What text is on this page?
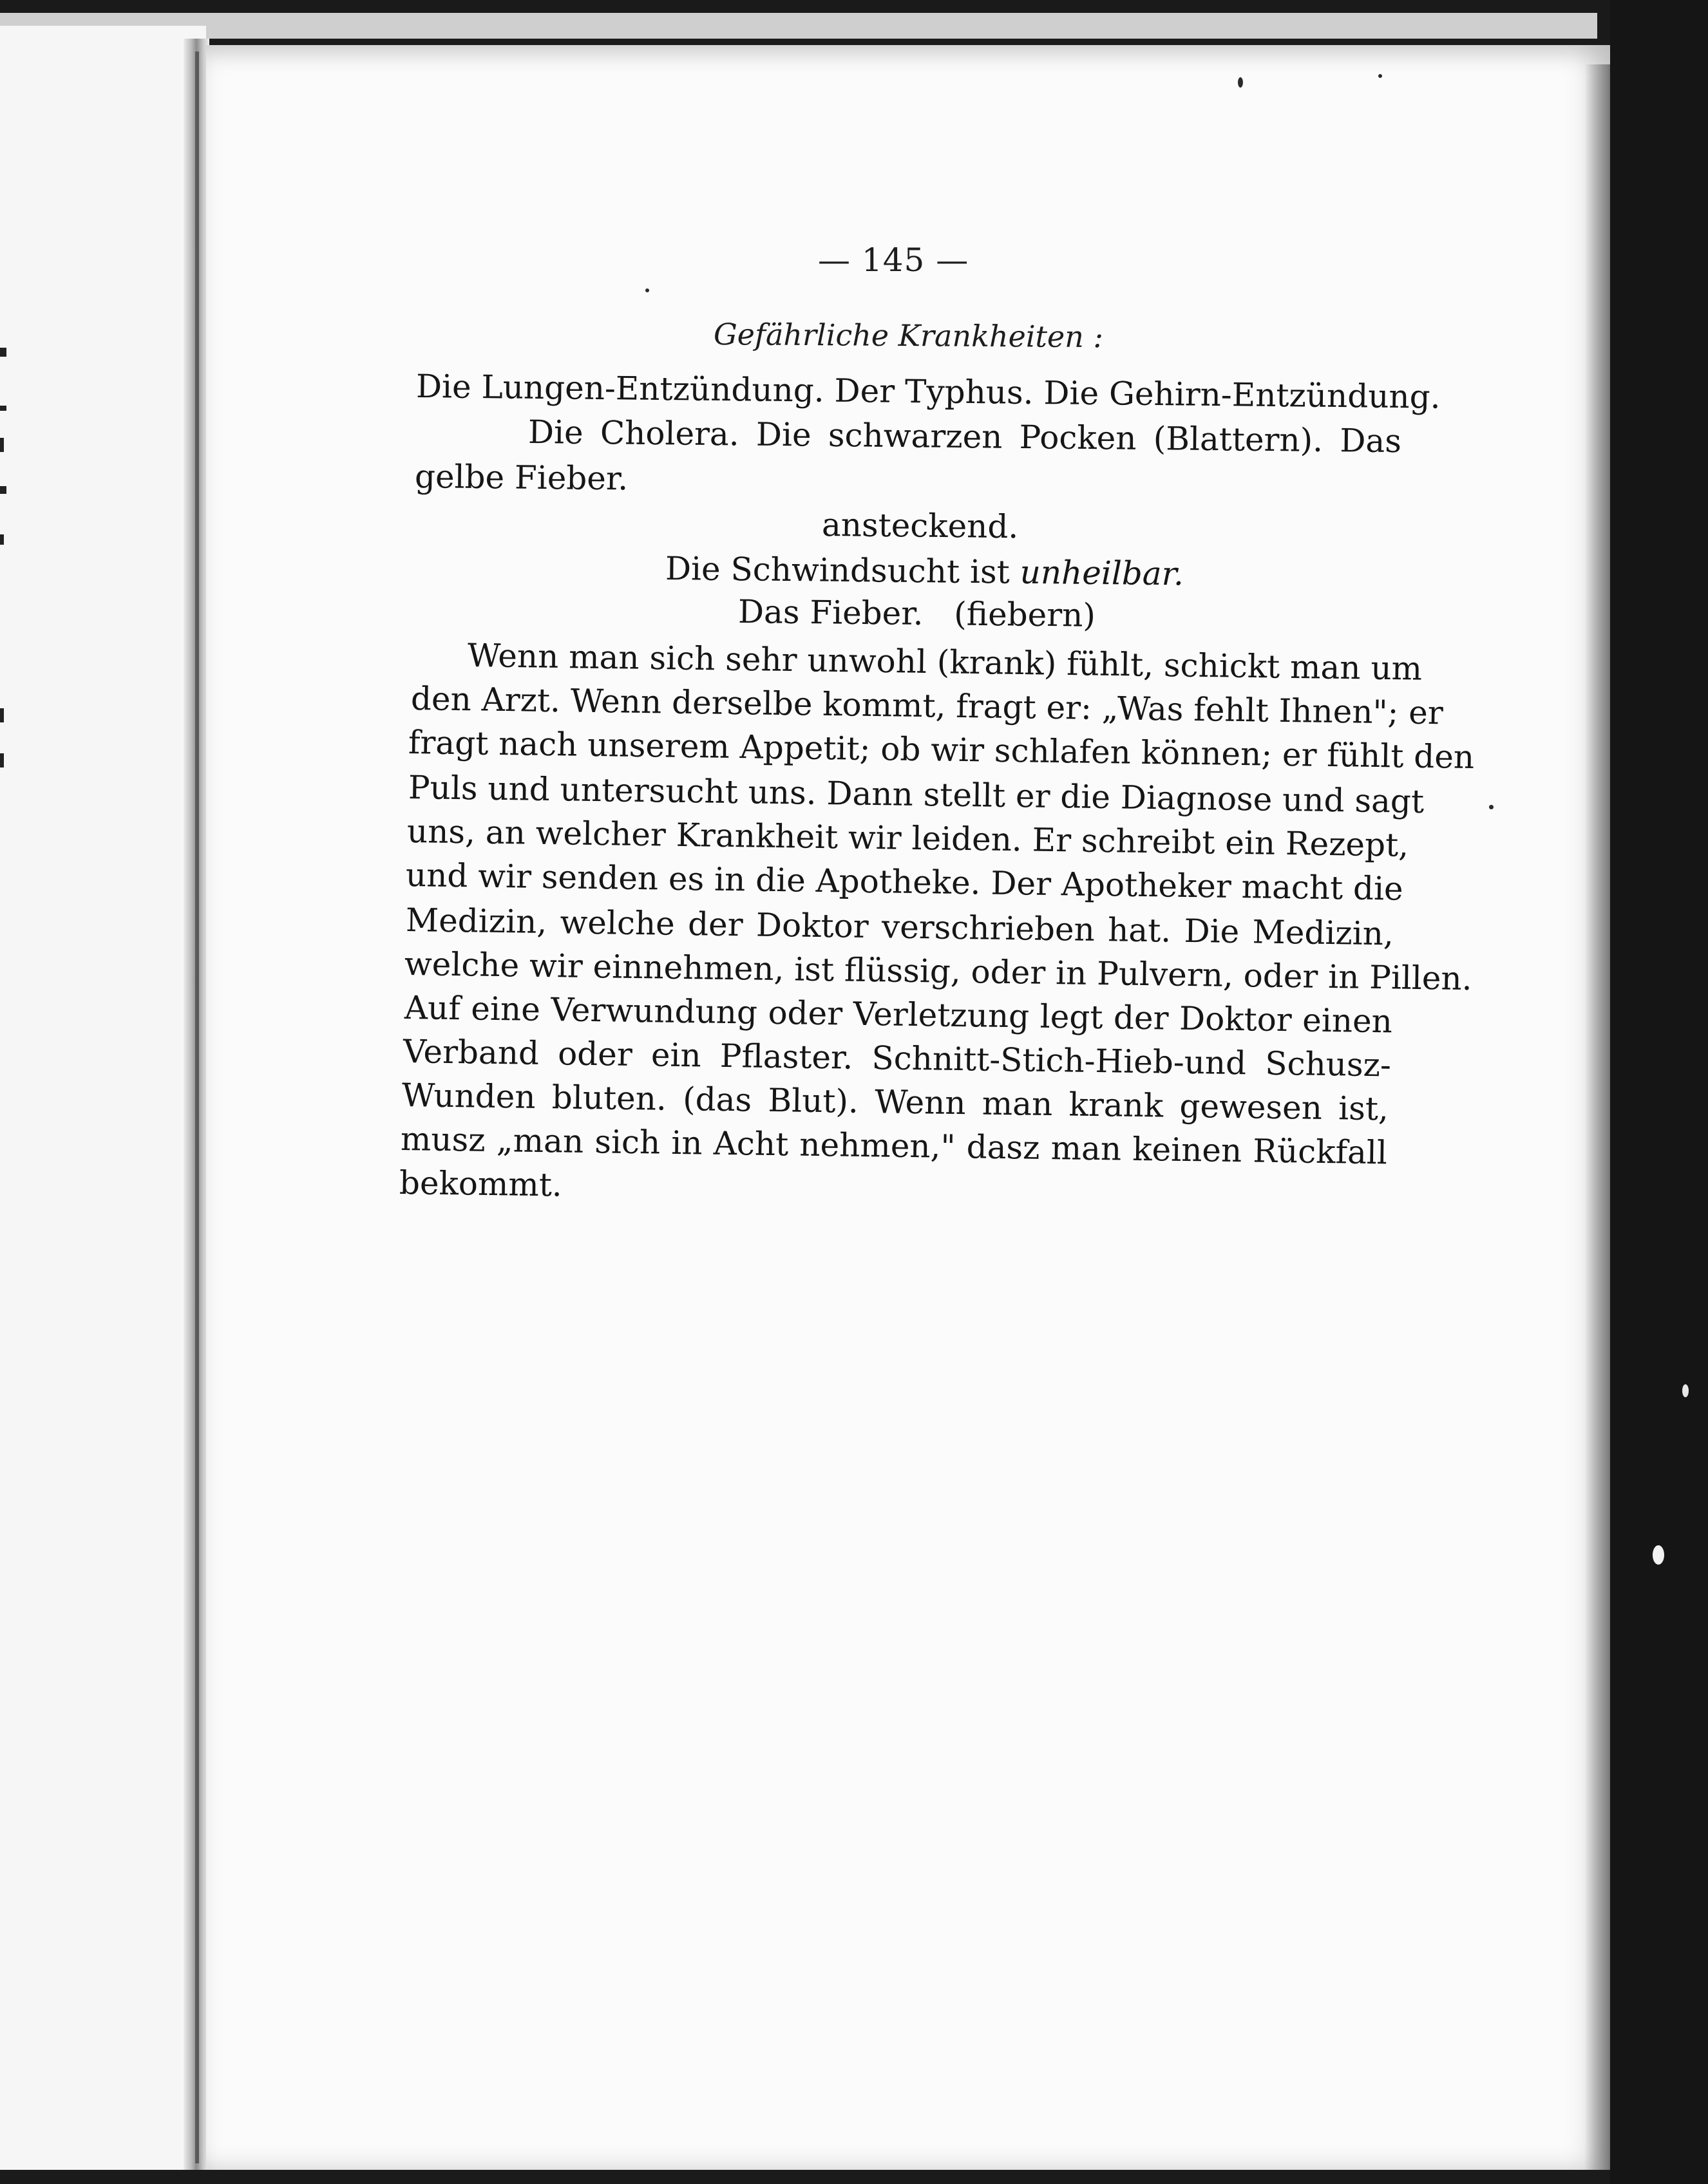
— 145 —
Gefährliche Krankheiten :
Die Lungen-Entzündung. Der Typhus. Die Gehirn-Entzündung.
Die Cholera. Die schwarzen Pocken (Blattern). Das
gelbe Fieber.
ansteckend.
Die Schwindsucht ist unheilbar.
Das Fieber.   (fiebern)
Wenn man sich sehr unwohl (krank) fühlt, schickt man um
den Arzt. Wenn derselbe kommt, fragt er: „Was fehlt Ihnen"; er
fragt nach unserem Appetit; ob wir schlafen können; er fühlt den
Puls und untersucht uns. Dann stellt er die Diagnose und sagt
uns, an welcher Krankheit wir leiden. Er schreibt ein Rezept,
und wir senden es in die Apotheke. Der Apotheker macht die
Medizin, welche der Doktor verschrieben hat. Die Medizin,
welche wir einnehmen, ist flüssig, oder in Pulvern, oder in Pillen.
Auf eine Verwundung oder Verletzung legt der Doktor einen
Verband oder ein Pflaster. Schnitt-Stich-Hieb-und Schusz-
Wunden bluten. (das Blut). Wenn man krank gewesen ist,
musz „man sich in Acht nehmen," dasz man keinen Rückfall
bekommt.
